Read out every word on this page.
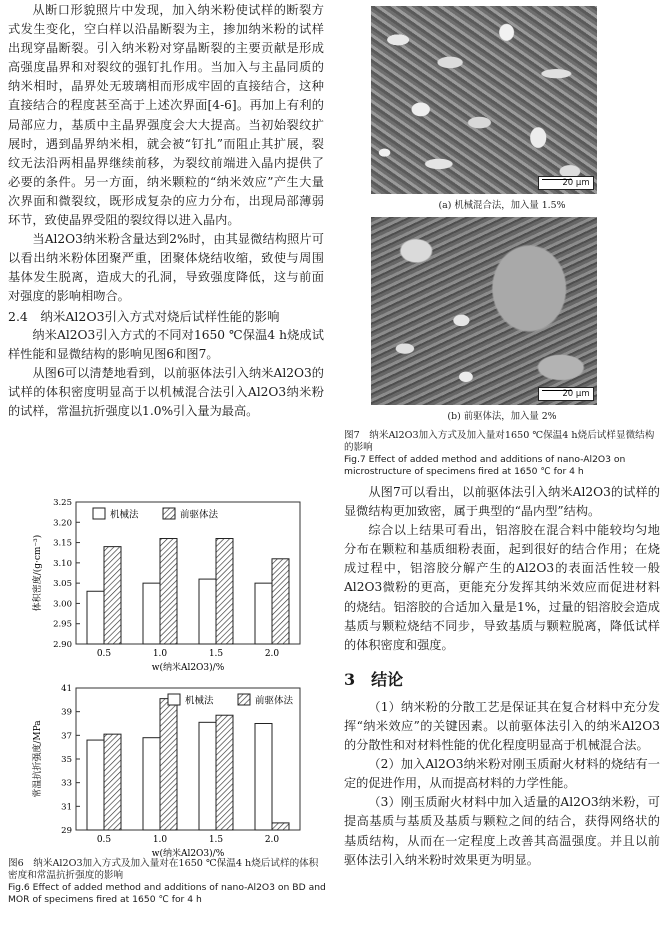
从断口形貌照片中发现，加入纳米粉使试样的断裂方式发生变化，空白样以沿晶断裂为主，掺加纳米粉的试样出现穿晶断裂。引入纳米粉对穿晶断裂的主要贡献是形成高强度晶界和对裂纹的强钉扎作用。当加入与主晶同质的纳米相时，晶界处无玻璃相而形成牢固的直接结合，这种直接结合的程度甚至高于上述次界面[4-6]。再加上有利的局部应力，基质中主晶界强度会大大提高。当初始裂纹扩展时，遇到晶界纳米相，就会被“钉扎”而阻止其扩展，裂纹无法沿两相晶界继续前移，为裂纹前端进入晶内提供了必要的条件。另一方面，纳米颗粒的“纳米效应”产生大量次界面和微裂纹，既形成复杂的应力分布，出现局部薄弱环节，致使晶界受阻的裂纹得以进入晶内。

当Al2O3纳米粉含量达到2%时，由其显微结构照片可以看出纳米粉体团聚严重，团聚体烧结收缩，致使与周围基体发生脱离，造成大的孔洞，导致强度降低，这与前面对强度的影响相吻合。

2.4　纳米Al2O3引入方式对烧后试样性能的影响

纳米Al2O3引入方式的不同对1650 ℃保温4 h烧成试样性能和显微结构的影响见图6和图7。

从图6可以清楚地看到，以前驱体法引入纳米Al2O3的试样的体积密度明显高于以机械混合法引入Al2O3纳米粉的试样，常温抗折强度以1.0%引入量为最高。

2.90
2.95
3.00
3.05
3.10
3.15
3.20
3.25
0.5	1.0	1.5	2.0
w(纳米Al2O3)/%
体积密度/(g·cm⁻³)
机械法	前驱体法
29
31
33
35
37
39
41
0.5	1.0	1.5	2.0
w(纳米Al2O3)/%
常温抗折强度/MPa
机械法	前驱体法

图6　纳米Al2O3加入方式及加入量对在1650 ℃保温4 h烧后试样的体积密度和常温抗折强度的影响

Fig.6 Effect of added method and additions of nano-Al2O3 on BD and MOR of specimens fired at 1650 ℃ for 4 h

20 μm

(a) 机械混合法，加入量 1.5%

20 μm

(b) 前驱体法，加入量 2%

图7　纳米Al2O3加入方式及加入量对1650 ℃保温4 h烧后试样显微结构的影响

Fig.7 Effect of added method and additions of nano-Al2O3 on microstructure of specimens fired at 1650 ℃ for 4 h

从图7可以看出，以前驱体法引入纳米Al2O3的试样的显微结构更加致密，属于典型的“晶内型”结构。

综合以上结果可看出，铝溶胶在混合料中能较均匀地分布在颗粒和基质细粉表面，起到很好的结合作用；在烧成过程中，铝溶胶分解产生的Al2O3的表面活性较一般Al2O3微粉的更高，更能充分发挥其纳米效应而促进材料的烧结。铝溶胶的合适加入量是1%，过量的铝溶胶会造成基质与颗粒烧结不同步，导致基质与颗粒脱离，降低试样的体积密度和强度。

3　结论

（1）纳米粉的分散工艺是保证其在复合材料中充分发挥“纳米效应”的关键因素。以前驱体法引入的纳米Al2O3的分散性和对材料性能的优化程度明显高于机械混合法。

（2）加入Al2O3纳米粉对刚玉质耐火材料的烧结有一定的促进作用，从而提高材料的力学性能。

（3）刚玉质耐火材料中加入适量的Al2O3纳米粉，可提高基质与基质及基质与颗粒之间的结合，获得网络状的基质结构，从而在一定程度上改善其高温强度。并且以前驱体法引入纳米粉时效果更为明显。
